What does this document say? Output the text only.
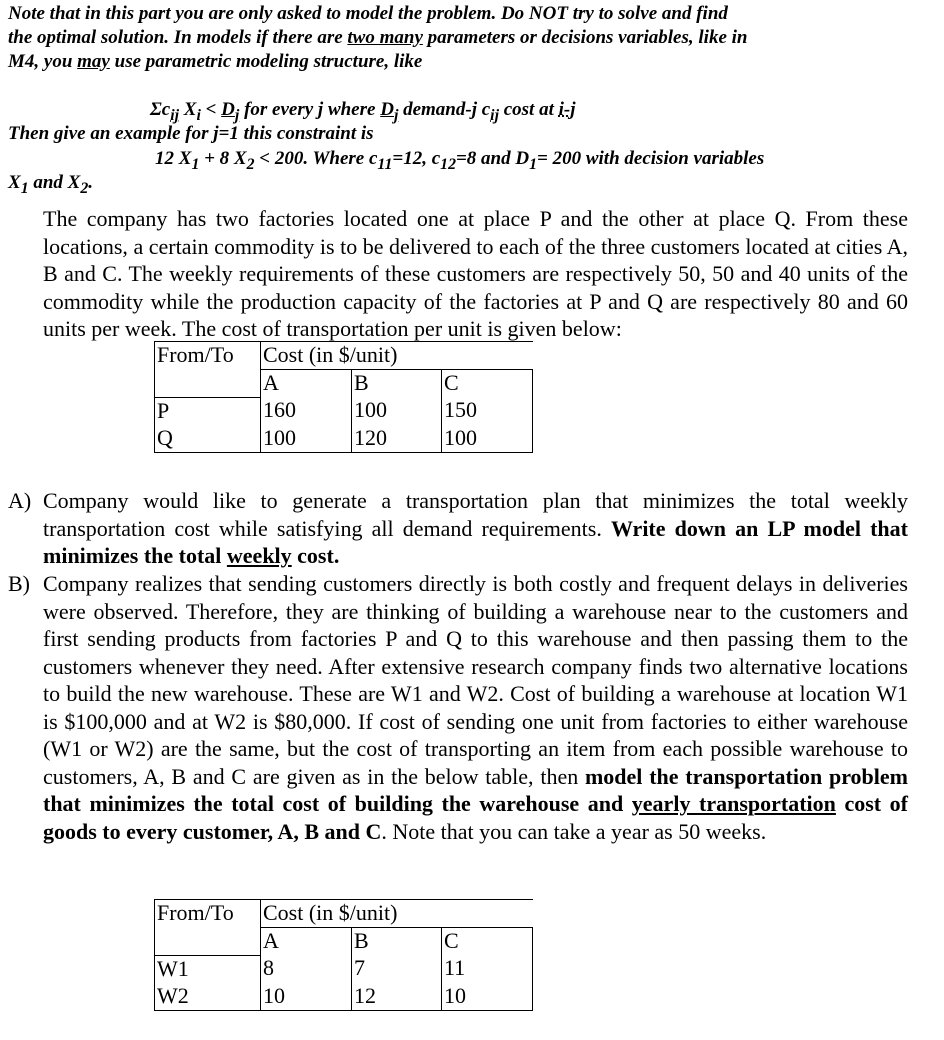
Note that in this part you are only asked to model the problem. Do NOT try to solve and find

the optimal solution. In models if there are two many parameters or decisions variables, like in

M4, you may use parametric modeling structure, like

$\Sigma c_{ij}$ $X_i < D_j$ for every j where $D_j$ demand-j $c_{ij}$ cost at i-j
Then give an example for j=1 this constraint is
12 $X_1 + 8$ $X_2 < 200$. Where $c_{11}=12$, $c_{12}=8$ and $D_1= 200$ with decision variables
$X_1$ and $X_2$.

The company has two factories located one at place P and the other at place Q. From these locations, a certain commodity is to be delivered to each of the three customers located at cities A, B and C. The weekly requirements of these customers are respectively 50, 50 and 40 units of the commodity while the production capacity of the factories at P and Q are respectively 80 and 60 units per week. The cost of transportation per unit is given below:

From/To	Cost (in $/unit)		
	A	B	C
P	160	100	150
Q	100	120	100
A) Company would like to generate a transportation plan that minimizes the total weekly transportation cost while satisfying all demand requirements. Write down an LP model that minimizes the total weekly cost.
B) Company realizes that sending customers directly is both costly and frequent delays in deliveries were observed. Therefore, they are thinking of building a warehouse near to the customers and first sending products from factories P and Q to this warehouse and then passing them to the customers whenever they need. After extensive research company finds two alternative locations to build the new warehouse. These are W1 and W2. Cost of building a warehouse at location W1 is $100,000 and at W2 is $80,000. If cost of sending one unit from factories to either warehouse (W1 or W2) are the same, but the cost of transporting an item from each possible warehouse to customers, A, B and C are given as in the below table, then model the transportation problem that minimizes the total cost of building the warehouse and yearly transportation cost of goods to every customer, A, B and C. Note that you can take a year as 50 weeks.
From/To	Cost (in $/unit)		
	A	B	C
W1	8	7	11
W2	10	12	10
